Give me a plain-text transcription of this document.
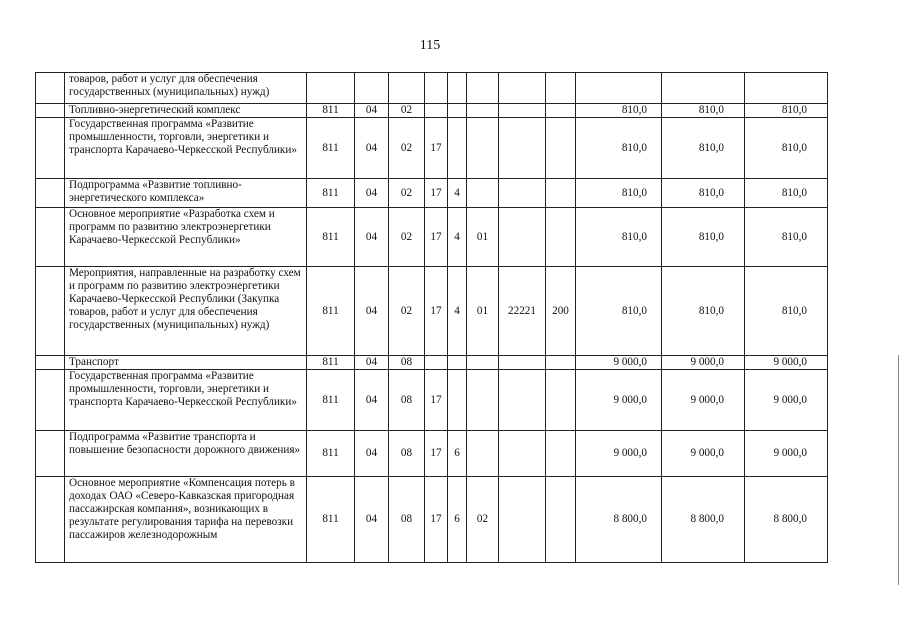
115
	товаров, работ и услуг для обеспечения государственных (муниципальных) нужд)											
	Топливно-энергетический комплекс	811	04	02						810,0	810,0	810,0
	Государственная программа «Развитие промышленности, торговли, энергетики и транспорта Карачаево-Черкесской Республики»	811	04	02	17					810,0	810,0	810,0
	Подпрограмма «Развитие топливно-энергетического комплекса»	811	04	02	17	4				810,0	810,0	810,0
	Основное мероприятие «Разработка схем и программ по развитию электроэнергетики Карачаево-Черкесской Республики»	811	04	02	17	4	01			810,0	810,0	810,0
	Мероприятия, направленные на разработку схем и программ по развитию электроэнергетики Карачаево-Черкесской Республики (Закупка товаров, работ и услуг для обеспечения государственных (муниципальных) нужд)	811	04	02	17	4	01	22221	200	810,0	810,0	810,0
	Транспорт	811	04	08						9 000,0	9 000,0	9 000,0
	Государственная программа «Развитие промышленности, торговли, энергетики и транспорта Карачаево-Черкесской Республики»	811	04	08	17					9 000,0	9 000,0	9 000,0
	Подпрограмма «Развитие транспорта и повышение безопасности дорожного движения»	811	04	08	17	6				9 000,0	9 000,0	9 000,0
	Основное мероприятие «Компенсация потерь в доходах ОАО «Северо-Кавказская пригородная пассажирская компания», возникающих в результате регулирования тарифа на перевозки пассажиров железнодорожным	811	04	08	17	6	02			8 800,0	8 800,0	8 800,0
